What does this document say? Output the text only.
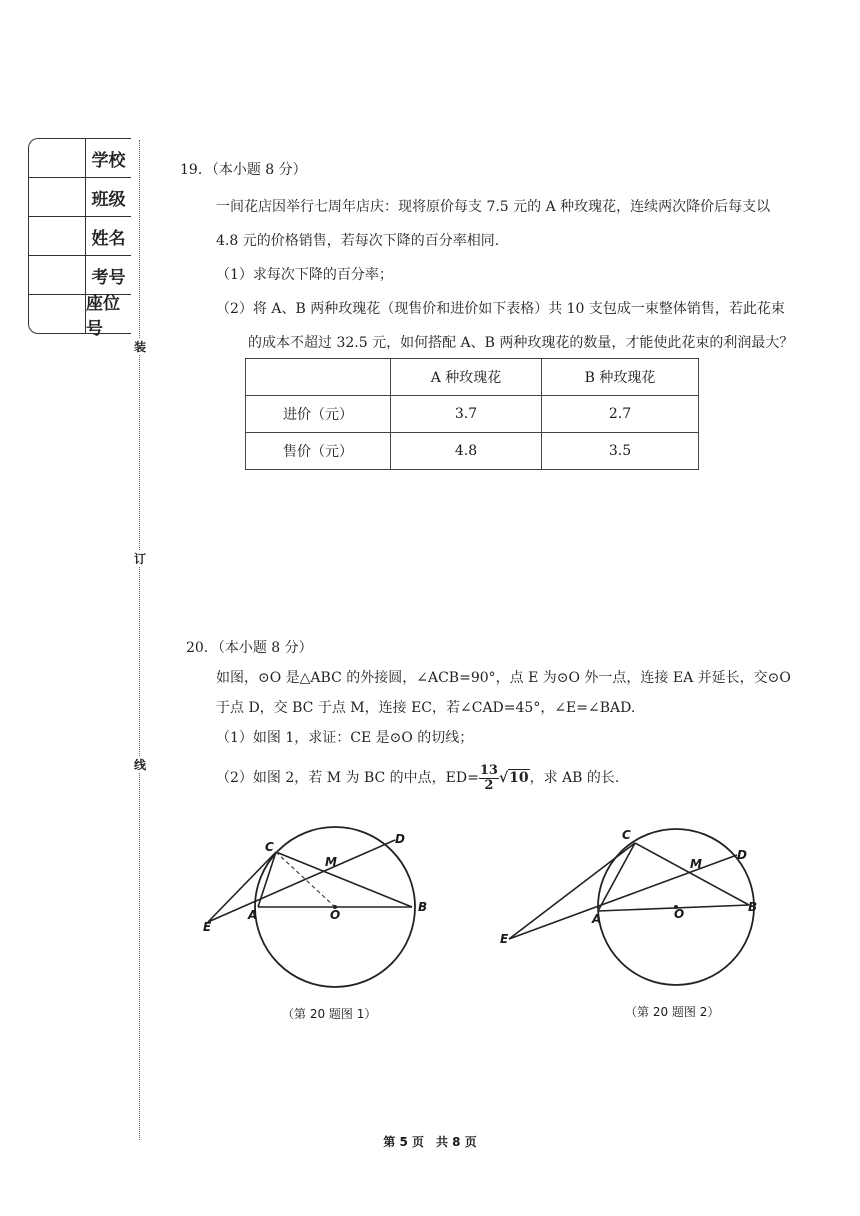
学校
班级
姓名
考号
座位号
装
订
线
19．（本小题 8 分）
一间花店因举行七周年店庆：现将原价每支 7.5 元的 A 种玫瑰花，连续两次降价后每支以
4.8 元的价格销售，若每次下降的百分率相同.
（1）求每次下降的百分率；
（2）将 A、B 两种玫瑰花（现售价和进价如下表格）共 10 支包成一束整体销售，若此花束
的成本不超过 32.5 元，如何搭配 A、B 两种玫瑰花的数量，才能使此花束的利润最大？
	A 种玫瑰花	B 种玫瑰花
进价（元）	3.7	2.7
售价（元）	4.8	3.5
20．（本小题 8 分）
如图，⊙O 是△ABC 的外接圆，∠ACB=90°，点 E 为⊙O 外一点，连接 EA 并延长，交⊙O
于点 D，交 BC 于点 M，连接 EC，若∠CAD=45°，∠E=∠BAD.
（1）如图 1，求证：CE 是⊙O 的切线；
（2）如图 2，若 M 为 BC 的中点，$ED= \frac{13}{2} √10$，求 AB 的长.
C
D
M
E
A	O
B
（第 20 题图 1）
C
D
M
E
A	O	B
（第 20 题图 2）
第 5 页　共 8 页
